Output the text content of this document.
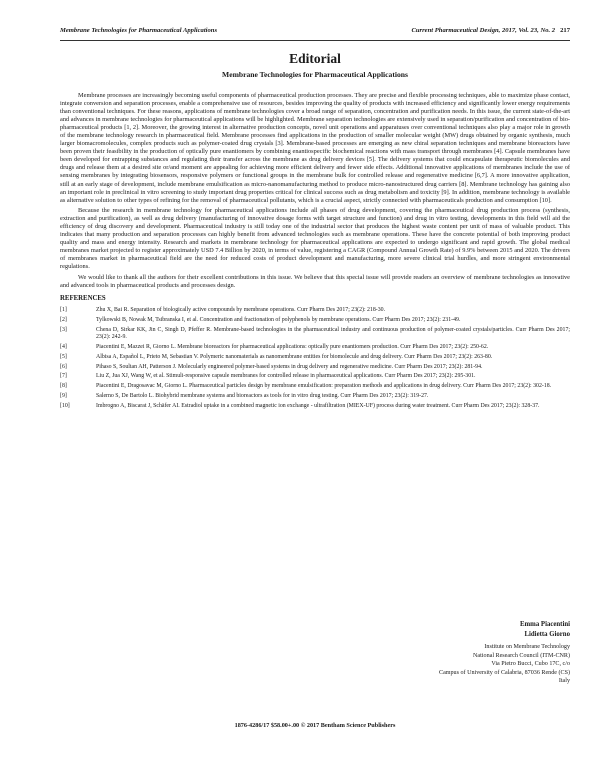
Membrane Technologies for Pharmaceutical Applications	Current Pharmaceutical Design, 2017, Vol. 23, No. 2 217
Editorial
Membrane Technologies for Pharmaceutical Applications

Membrane processes are increasingly becoming useful components of pharmaceutical production processes. They are precise and flexible processing techniques, able to maximize phase contact, integrate conversion and separation processes, enable a comprehensive use of resources, besides improving the quality of products with increased efficiency and significantly lower energy requirements than conventional techniques. For these reasons, applications of membrane technologies cover a broad range of separation, concentration and purification needs. In this issue, the current state-of-the-art and advances in membrane technologies for pharmaceutical applications will be highlighted. Membrane separation technologies are extensively used in separation/purification and concentration of bio-pharmaceutical products [1, 2]. Moreover, the growing interest in alternative production concepts, novel unit operations and apparatuses over conventional techniques also play a major role in growth of the membrane technology research in pharmaceutical field. Membrane processes find applications in the production of smaller molecular weight (MW) drugs obtained by organic synthesis, much larger biomacromolecules, complex products such as polymer-coated drug crystals [3]. Membrane-based processes are emerging as new chiral separation techniques and membrane bioreactors have been proven their feasibility in the production of optically pure enantiomers by combining enantiospecific biochemical reactions with mass transport through membranes [4]. Capsule membranes have been developed for entrapping substances and regulating their transfer across the membrane as drug delivery devices [5]. The delivery systems that could encapsulate therapeutic biomolecules and drugs and release them at a desired site or/and moment are appealing for achieving more efficient delivery and fewer side effects. Additional innovative applications of membranes include the use of sensing membranes by integrating biosensors, responsive polymers or functional groups in the membrane bulk for controlled release and regenerative medicine [6,7]. A more innovative application, still at an early stage of development, include membrane emulsification as micro-nanomanufacturing method to produce micro-nanostructured drug carriers [8]. Membrane technology has gaining also an important role in preclinical in vitro screening to study important drug properties critical for clinical success such as drug metabolism and toxicity [9]. In addition, membrane technology is available as alternative solution to other types of refining for the removal of pharmaceutical pollutants, which is a crucial aspect, strictly connected with pharmaceuticals production and consumption [10].

Because the research in membrane technology for pharmaceutical applications include all phases of drug development, covering the pharmaceutical drug production process (synthesis, extraction and purification), as well as drug delivery (manufacturing of innovative dosage forms with target structure and function) and drug in vitro testing, developments in this field will aid the efficiency of drug discovery and development. Pharmaceutical industry is still today one of the industrial sector that produces the highest waste content per unit of mass of valuable product. This indicates that many production and separation processes can highly benefit from advanced technologies such as membrane operations. These have the concrete potential of both improving product quality and mass and energy intensity. Research and markets in membrane technology for pharmaceutical applications are expected to undergo significant and rapid growth. The global medical membranes market projected to register approximately USD 7.4 Billion by 2020, in terms of value, registering a CAGR (Compound Annual Growth Rate) of 9.9% between 2015 and 2020. The drivers of membranes market in pharmaceutical field are the need for reduced costs of product development and manufacturing, more severe clinical trial hurdles, and more stringent environmental regulations.

We would like to thank all the authors for their excellent contributions in this issue. We believe that this special issue will provide readers an overview of membrane technologies as innovative and advanced tools in pharmaceutical products and processes design.

REFERENCES
[1]	Zhu X, Bai R. Separation of biologically active compounds by membrane operations. Curr Pharm Des 2017; 23(2): 218-30.
[2]	Tylkowski B, Nowak M, Tsibranska I, et al. Concentration and fractionation of polyphenols by membrane operations. Curr Pharm Des 2017; 23(2): 231-49.
[3]	Chena D, Sirkar KK, Jin C, Singh D, Pfeffer R. Membrane-based technologies in the pharmaceutical industry and continuous production of polymer-coated crystals/particles. Curr Pharm Des 2017; 23(2): 242-9.
[4]	Piacentini E, Mazzei R, Giorno L. Membrane bioreactors for pharmaceutical applications: optically pure enantiomers production. Curr Pharm Des 2017; 23(2): 250-62.
[5]	Albisa A, Español L, Prieto M, Sebastian V. Polymeric nanomaterials as nanomembrane entities for biomolecule and drug delivery. Curr Pharm Des 2017; 23(2): 263-80.
[6]	Pihaso S, Soultan AH, Patterson J. Molecularly engineered polymer-based systems in drug delivery and regenerative medicine. Curr Pharm Des 2017; 23(2): 281-94.
[7]	Liu Z, Jua XJ, Wang W, et al. Stimuli-responsive capsule membranes for controlled release in pharmaceutical applications. Curr Pharm Des 2017; 23(2): 295-301.
[8]	Piacentini E, Dragosavac M, Giorno L. Pharmaceutical particles design by membrane emulsification: preparation methods and applications in drug delivery. Curr Pharm Des 2017; 23(2): 302-18.
[9]	Salerno S, De Bartolo L. Biohybrid membrane systems and bioreactors as tools for in vitro drug testing. Curr Pharm Des 2017; 23(2): 319-27.
[10]	Imbrogno A, Biscarat J, Schäfer AI. Estradiol uptake in a combined magnetic ion exchange - ultrafiltration (MIEX-UF) process during water treatment. Curr Pharm Des 2017; 23(2): 328-37.
Emma Piacentini
Lidietta Giorno
Institute on Membrane Technology
National Research Council (ITM-CNR)
Via Pietro Bucci, Cubo 17C, c/o
Campus of University of Calabria, 87036 Rende (CS)
Italy
1876-4286/17 $58.00+.00 © 2017 Bentham Science Publishers
